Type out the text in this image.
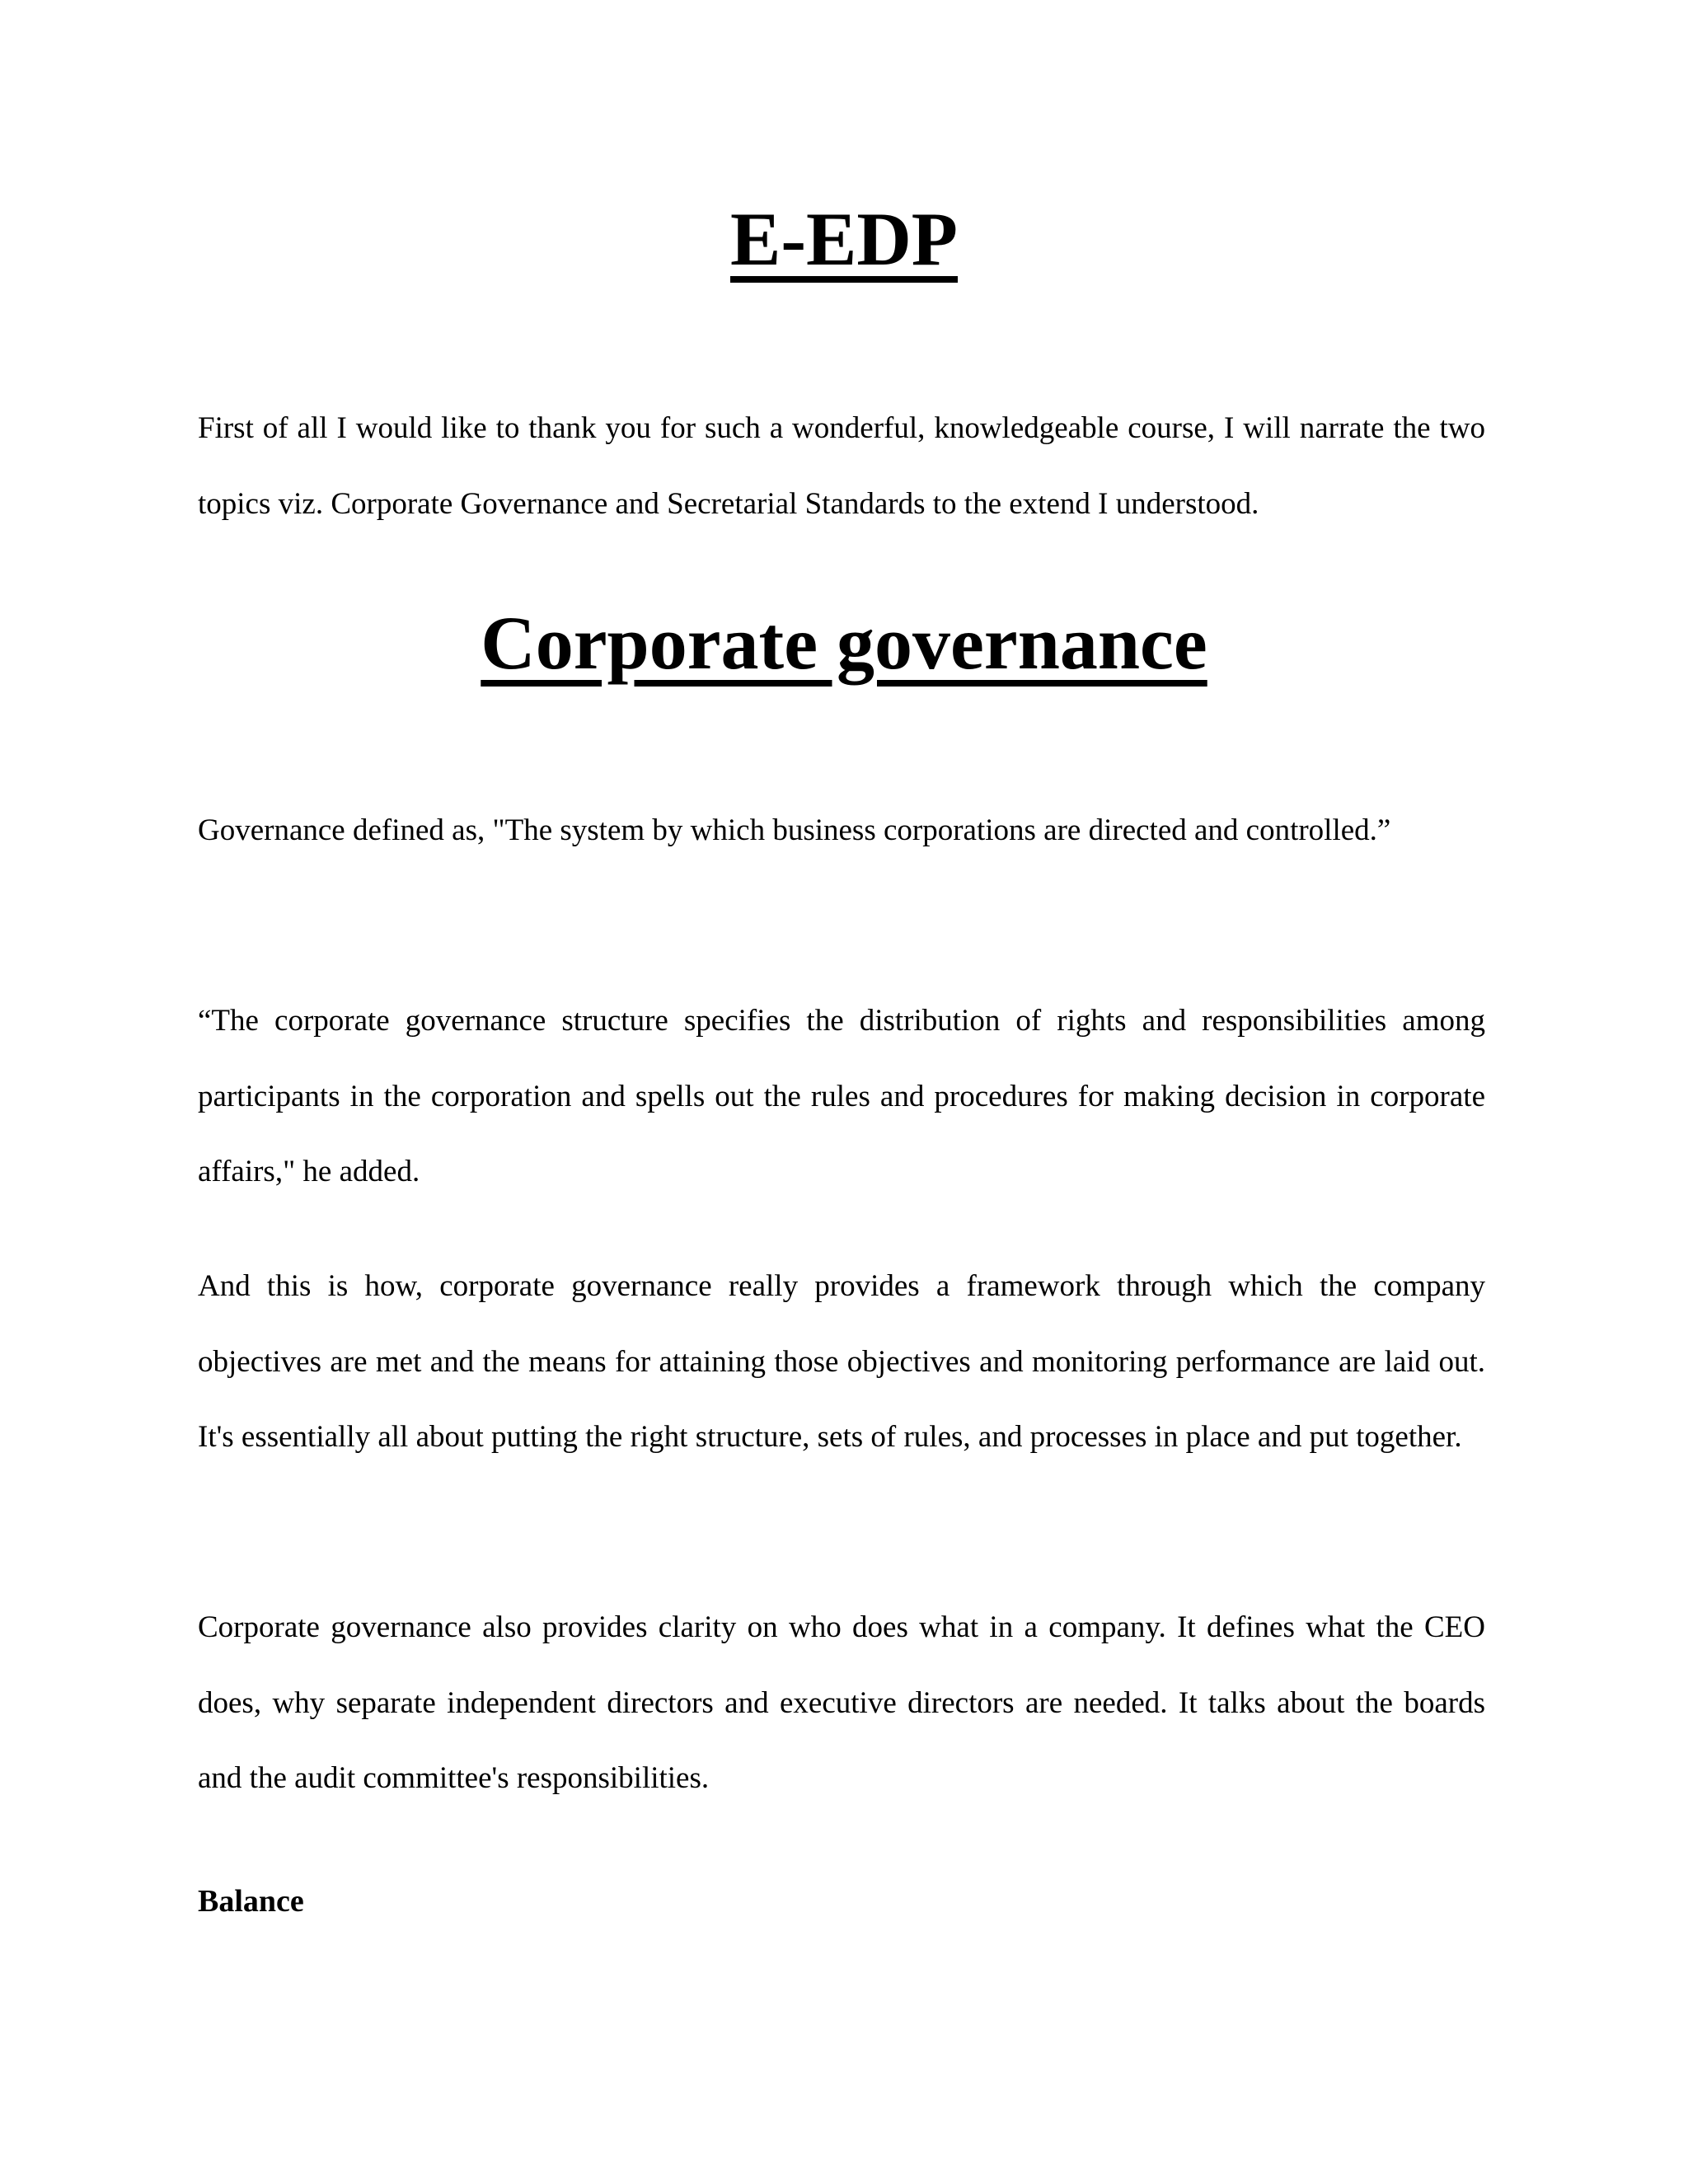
E-EDP

First of all I would like to thank you for such a wonderful, knowledgeable course, I will narrate the two topics viz. Corporate Governance and Secretarial Standards to the extend I understood.

Corporate governance

Governance defined as, "The system by which business corporations are directed and controlled.”

“The corporate governance structure specifies the distribution of rights and responsibilities among participants in the corporation and spells out the rules and procedures for making decision in corporate affairs," he added.

And this is how, corporate governance really provides a framework through which the company objectives are met and the means for attaining those objectives and monitoring performance are laid out. It's essentially all about putting the right structure, sets of rules, and processes in place and put together.

Corporate governance also provides clarity on who does what in a company. It defines what the CEO does, why separate independent directors and executive directors are needed. It talks about the boards and the audit committee's responsibilities.

Balance
